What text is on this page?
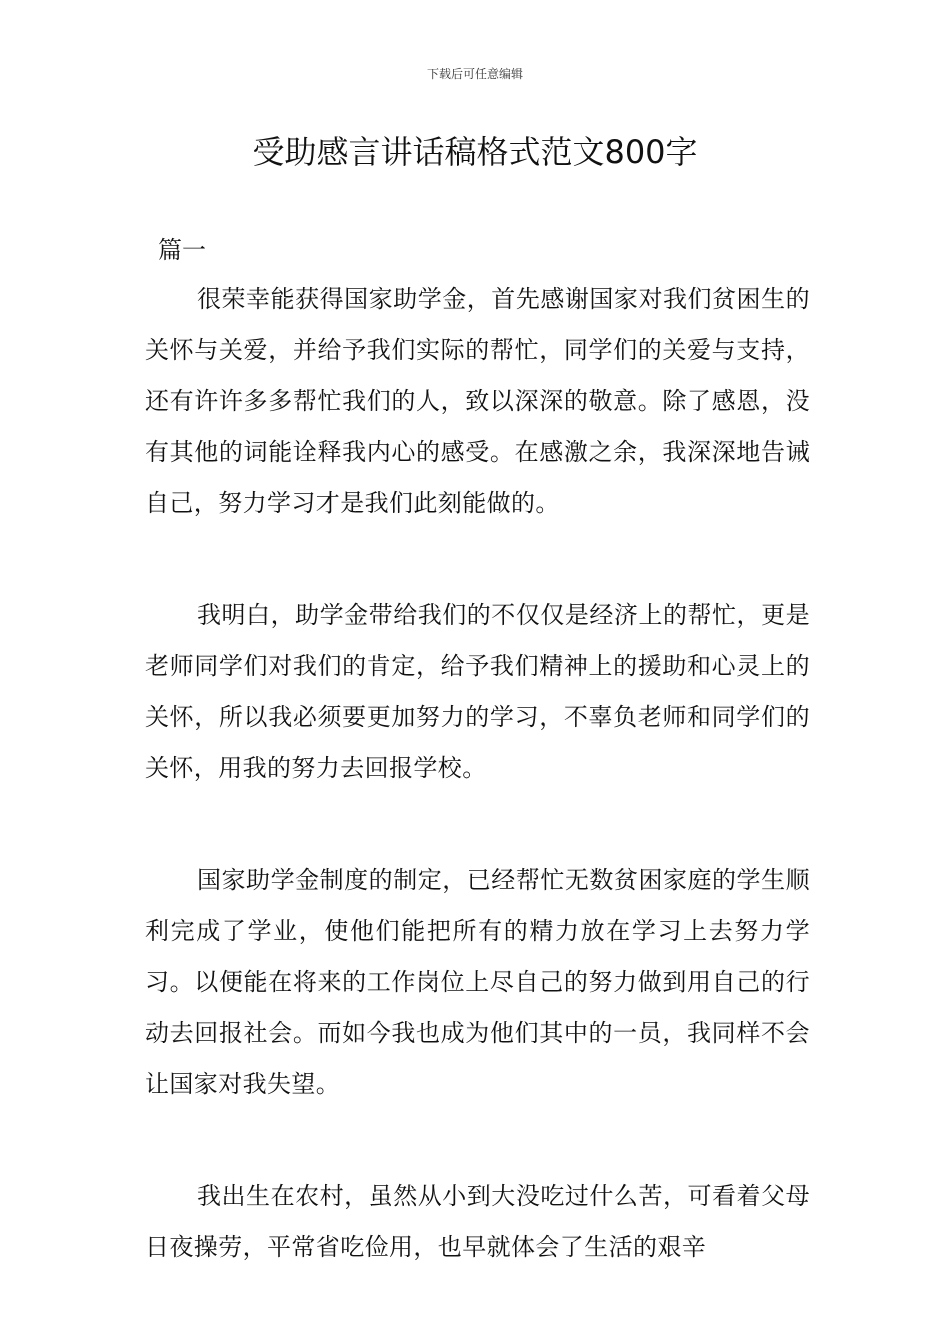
下载后可任意编辑
受助感言讲话稿格式范文800字
篇一

很荣幸能获得国家助学金，首先感谢国家对我们贫困生的关怀与关爱，并给予我们实际的帮忙，同学们的关爱与支持，还有许许多多帮忙我们的人，致以深深的敬意。除了感恩，没有其他的词能诠释我内心的感受。在感激之余，我深深地告诫自己，努力学习才是我们此刻能做的。

我明白，助学金带给我们的不仅仅是经济上的帮忙，更是老师同学们对我们的肯定，给予我们精神上的援助和心灵上的关怀，所以我必须要更加努力的学习，不辜负老师和同学们的关怀，用我的努力去回报学校。

国家助学金制度的制定，已经帮忙无数贫困家庭的学生顺利完成了学业，使他们能把所有的精力放在学习上去努力学习。以便能在将来的工作岗位上尽自己的努力做到用自己的行动去回报社会。而如今我也成为他们其中的一员，我同样不会让国家对我失望。

我出生在农村，虽然从小到大没吃过什么苦，可看着父母日夜操劳，平常省吃俭用，也早就体会了生活的艰辛
